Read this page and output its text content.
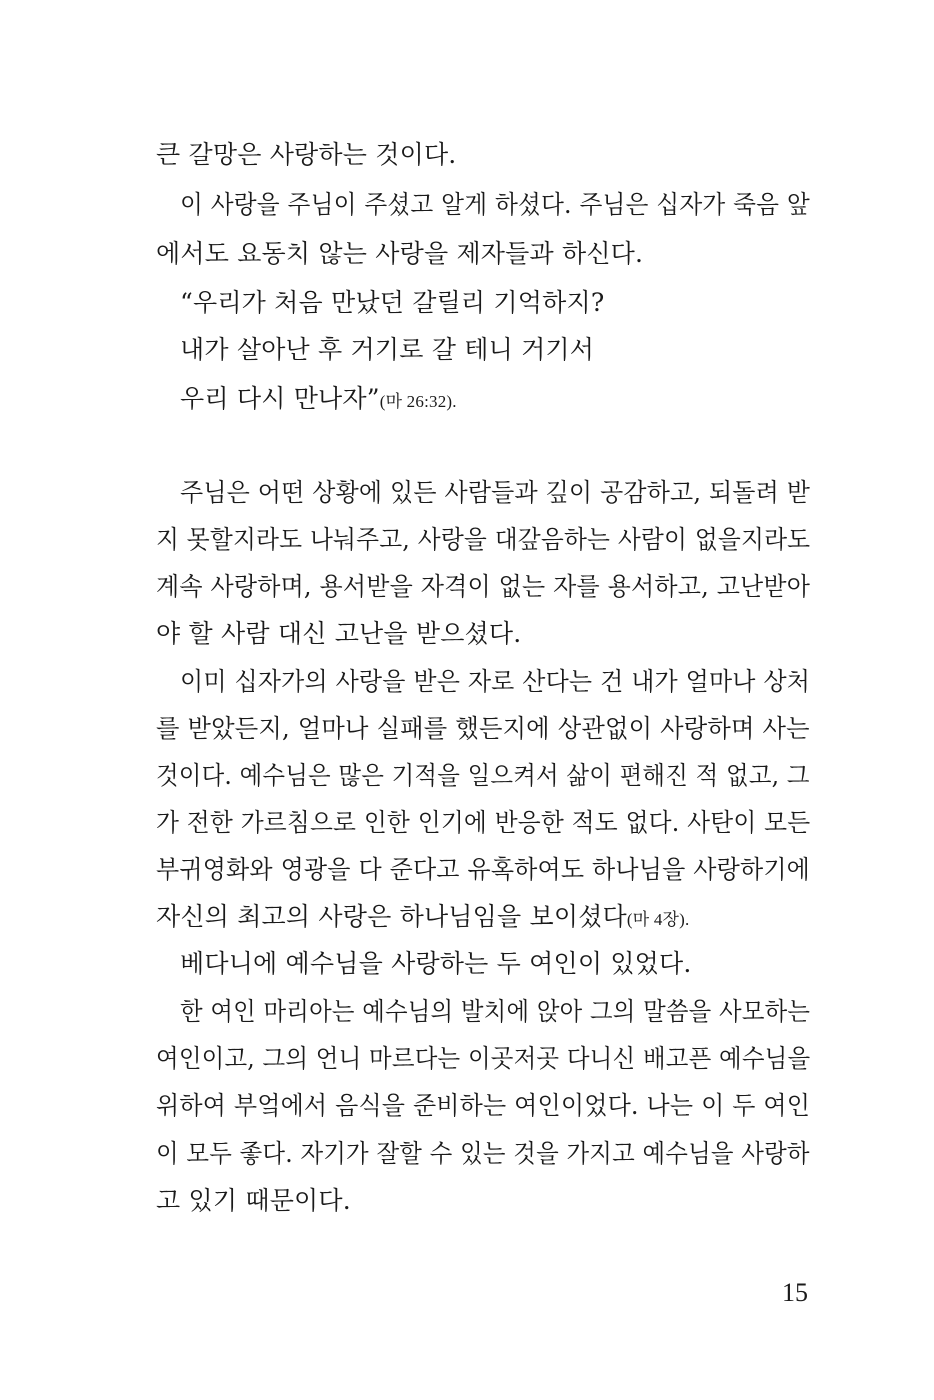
큰 갈망은 사랑하는 것이다.
이 사랑을 주님이 주셨고 알게 하셨다. 주님은 십자가 죽음 앞
에서도 요동치 않는 사랑을 제자들과 하신다.
“우리가 처음 만났던 갈릴리 기억하지?
내가 살아난 후 거기로 갈 테니 거기서
우리 다시 만나자”(마 26:32).
주님은 어떤 상황에 있든 사람들과 깊이 공감하고, 되돌려 받
지 못할지라도 나눠주고, 사랑을 대갚음하는 사람이 없을지라도
계속 사랑하며, 용서받을 자격이 없는 자를 용서하고, 고난받아
야 할 사람 대신 고난을 받으셨다.
이미 십자가의 사랑을 받은 자로 산다는 건 내가 얼마나 상처
를 받았든지, 얼마나 실패를 했든지에 상관없이 사랑하며 사는
것이다. 예수님은 많은 기적을 일으켜서 삶이 편해진 적 없고, 그
가 전한 가르침으로 인한 인기에 반응한 적도 없다. 사탄이 모든
부귀영화와 영광을 다 준다고 유혹하여도 하나님을 사랑하기에
자신의 최고의 사랑은 하나님임을 보이셨다(마 4장).
베다니에 예수님을 사랑하는 두 여인이 있었다.
한 여인 마리아는 예수님의 발치에 앉아 그의 말씀을 사모하는
여인이고, 그의 언니 마르다는 이곳저곳 다니신 배고픈 예수님을
위하여 부엌에서 음식을 준비하는 여인이었다. 나는 이 두 여인
이 모두 좋다. 자기가 잘할 수 있는 것을 가지고 예수님을 사랑하
고 있기 때문이다.
15
